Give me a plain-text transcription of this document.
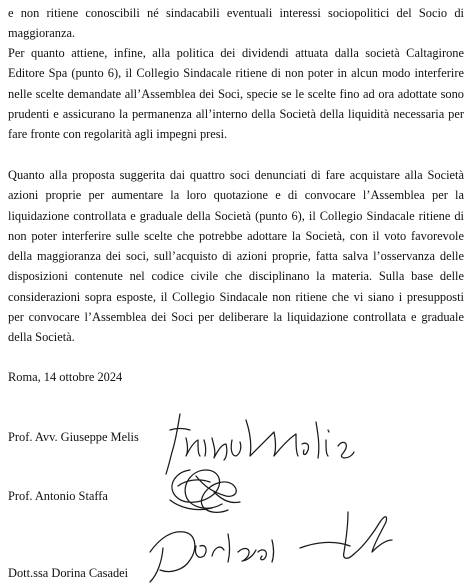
e non ritiene conoscibili né sindacabili eventuali interessi sociopolitici del Socio di maggioranza.

Per quanto attiene, infine, alla politica dei dividendi attuata dalla società Caltagirone Editore Spa (punto 6), il Collegio Sindacale ritiene di non poter in alcun modo interferire nelle scelte demandate all’Assemblea dei Soci, specie se le scelte fino ad ora adottate sono prudenti e assicurano la permanenza all’interno della Società della liquidità necessaria per fare fronte con regolarità agli impegni presi.

Quanto alla proposta suggerita dai quattro soci denunciati di fare acquistare alla Società azioni proprie per aumentare la loro quotazione e di convocare l’Assemblea per la liquidazione controllata e graduale della Società (punto 6), il Collegio Sindacale ritiene di non poter interferire sulle scelte che potrebbe adottare la Società, con il voto favorevole della maggioranza dei soci, sull’acquisto di azioni proprie, fatta salva l’osservanza delle disposizioni contenute nel codice civile che disciplinano la materia. Sulla base delle considerazioni sopra esposte, il Collegio Sindacale non ritiene che vi siano i presupposti per convocare l’Assemblea dei Soci per deliberare la liquidazione controllata e graduale della Società.

Roma, 14 ottobre 2024

Prof. Avv. Giuseppe Melis

Prof. Antonio Staffa

Dott.ssa Dorina Casadei
